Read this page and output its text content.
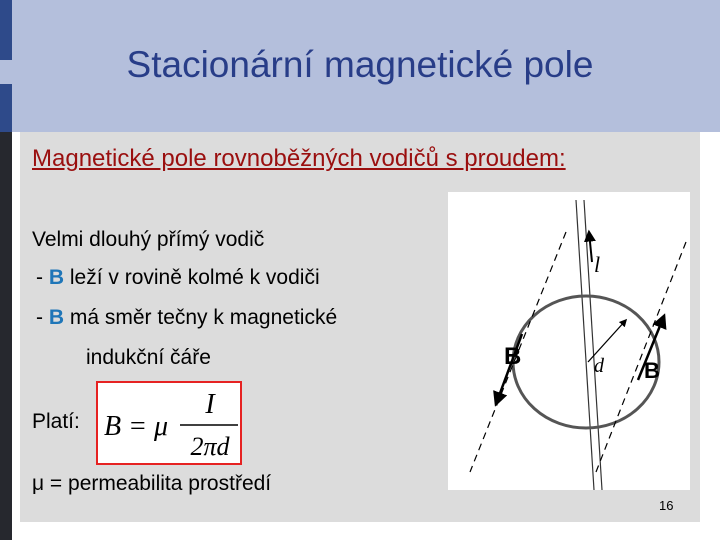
Stacionární magnetické pole
Magnetické pole rovnoběžných vodičů s proudem:
Velmi dlouhý přímý vodič
- B leží v rovině kolmé k vodiči
- B má směr tečny k magnetické
indukční čáře
Platí: B = μ
I
2πd
μ = permeabilita prostředí
l
d
B
B
16
